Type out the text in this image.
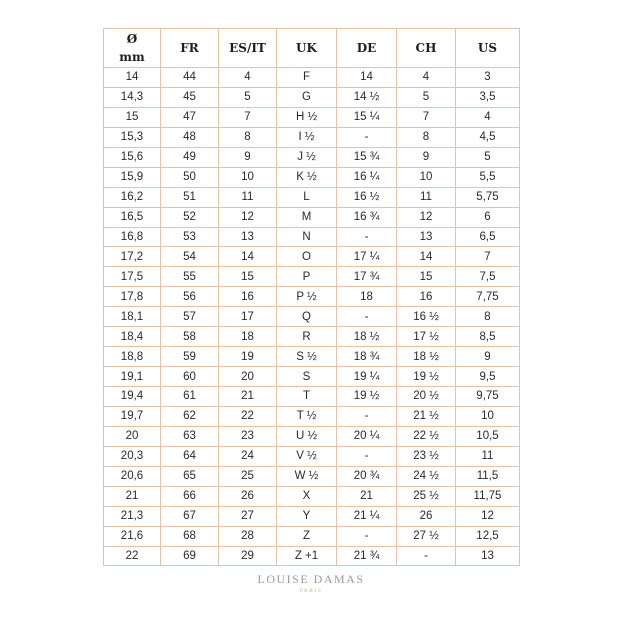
Ø
mm	FR	ES/IT	UK	DE	CH	US
14	44	4	F	14	4	3
14,3	45	5	G	14 ½	5	3,5
15	47	7	H ½	15 ¼	7	4
15,3	48	8	I ½	-	8	4,5
15,6	49	9	J ½	15 ¾	9	5
15,9	50	10	K ½	16 ¼	10	5,5
16,2	51	11	L	16 ½	11	5,75
16,5	52	12	M	16 ¾	12	6
16,8	53	13	N	-	13	6,5
17,2	54	14	O	17 ¼	14	7
17,5	55	15	P	17 ¾	15	7,5
17,8	56	16	P ½	18	16	7,75
18,1	57	17	Q	-	16 ½	8
18,4	58	18	R	18 ½	17 ½	8,5
18,8	59	19	S ½	18 ¾	18 ½	9
19,1	60	20	S	19 ¼	19 ½	9,5
19,4	61	21	T	19 ½	20 ½	9,75
19,7	62	22	T ½	-	21 ½	10
20	63	23	U ½	20 ¼	22 ½	10,5
20,3	64	24	V ½	-	23 ½	11
20,6	65	25	W ½	20 ¾	24 ½	11,5
21	66	26	X	21	25 ½	11,75
21,3	67	27	Y	21 ¼	26	12
21,6	68	28	Z	-	27 ½	12,5
22	69	29	Z +1	21 ¾	-	13
LOUISE DAMAS
PARIS
